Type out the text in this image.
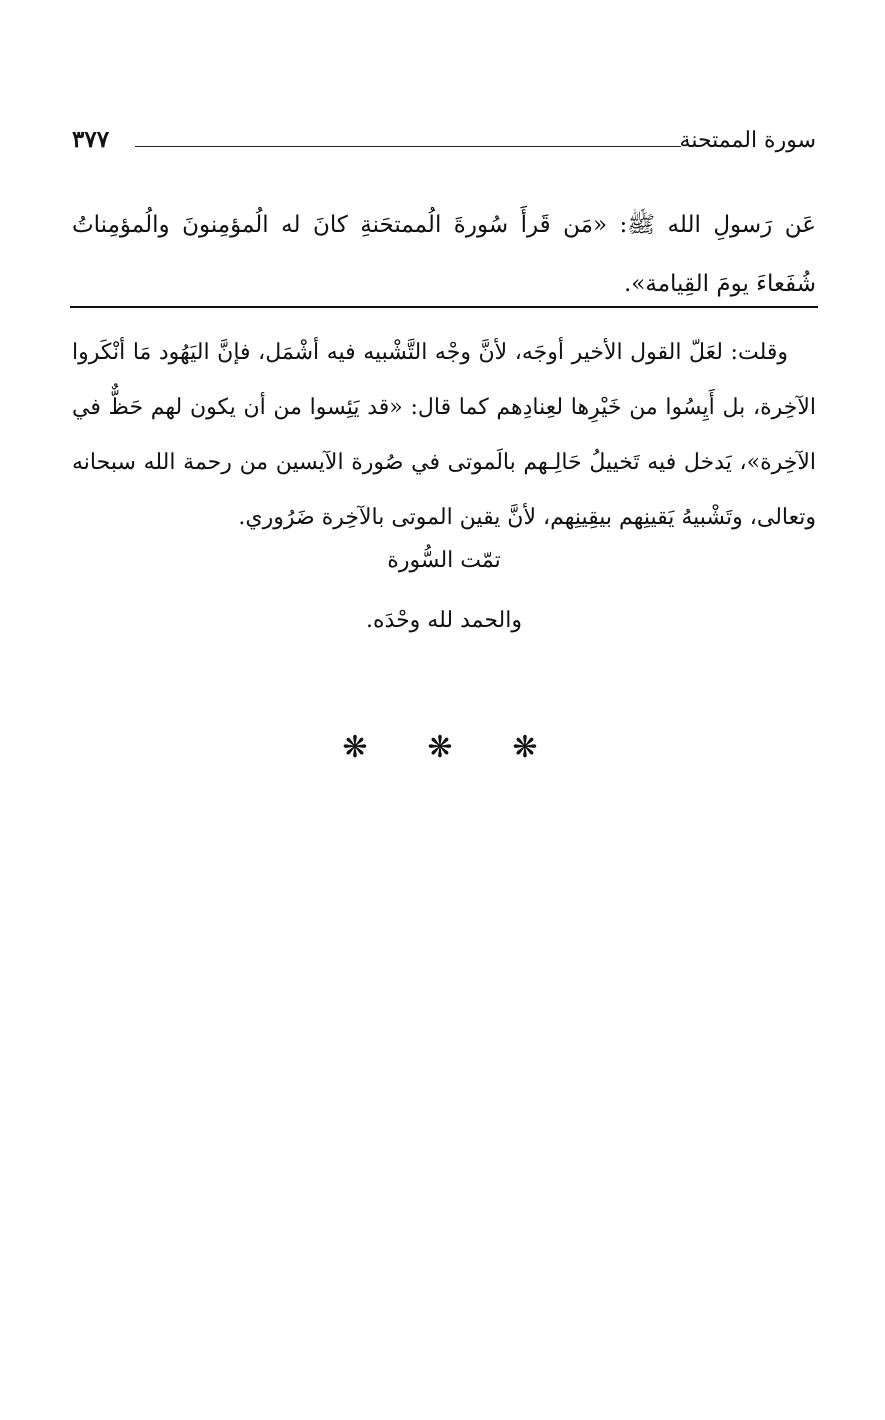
سورة الممتحنة
٣٧٧

عَن رَسولِ الله ﷺ: «مَن قَرأَ سُورةَ الُممتحَنةِ كانَ له الُمؤمِنونَ والُمؤمِناتُ شُفَعاءَ يومَ القِيامة».

وقلت: لعَلّ القول الأخير أوجَه، لأنَّ وجْه التَّشْبيه فيه أشْمَل، فإنَّ اليَهُود مَا أنْكَروا الآخِرة، بل أَيِسُوا من خَيْرِها لعِنادِهم كما قال: «قد يَئِسوا من أن يكون لهم حَظٌّ في الآخِرة»، يَدخل فيه تَخييلُ حَالِـهم بالَموتى في صُورة الآيسين من رحمة الله سبحانه وتعالى، وتَشْبيهُ يَقينِهم بيقِينِهم، لأنَّ يقين الموتى بالآخِرة ضَرُوري.

تمّت السُّورة
والحمد لله وحْدَه.
❋ ❋ ❋
